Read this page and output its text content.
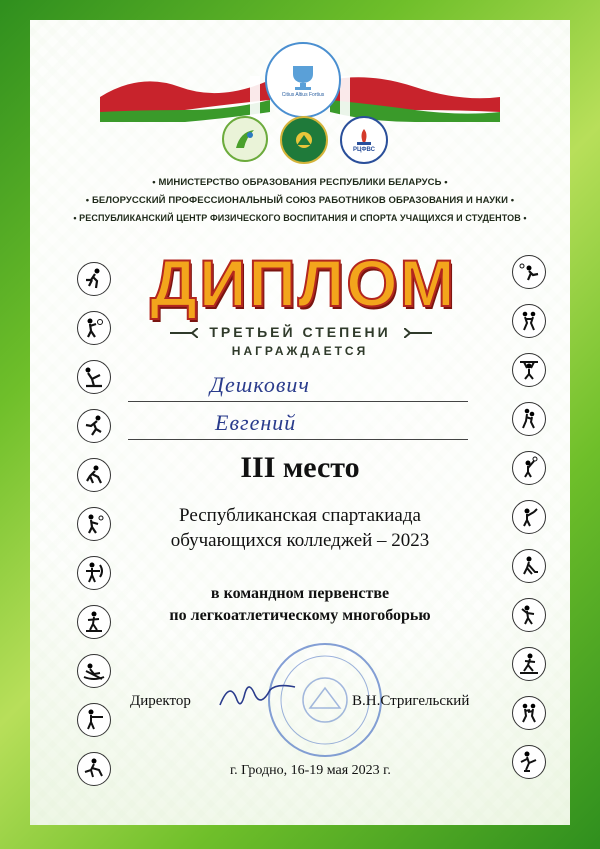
Citius Altius Fortius
РЦФВС
• МИНИСТЕРСТВО ОБРАЗОВАНИЯ РЕСПУБЛИКИ БЕЛАРУСЬ •
• БЕЛОРУССКИЙ ПРОФЕССИОНАЛЬНЫЙ СОЮЗ РАБОТНИКОВ ОБРАЗОВАНИЯ И НАУКИ •
• РЕСПУБЛИКАНСКИЙ ЦЕНТР ФИЗИЧЕСКОГО ВОСПИТАНИЯ И СПОРТА УЧАЩИХСЯ И СТУДЕНТОВ •
ДИПЛОМ
ТРЕТЬЕЙ СТЕПЕНИ
НАГРАЖДАЕТСЯ
Дешкович
Евгений
III место
Республиканская спартакиада
обучающихся колледжей – 2023
в командном первенстве
по легкоатлетическому многоборью
Директор	В.Н.Стригельский
г. Гродно, 16-19 мая 2023 г.
